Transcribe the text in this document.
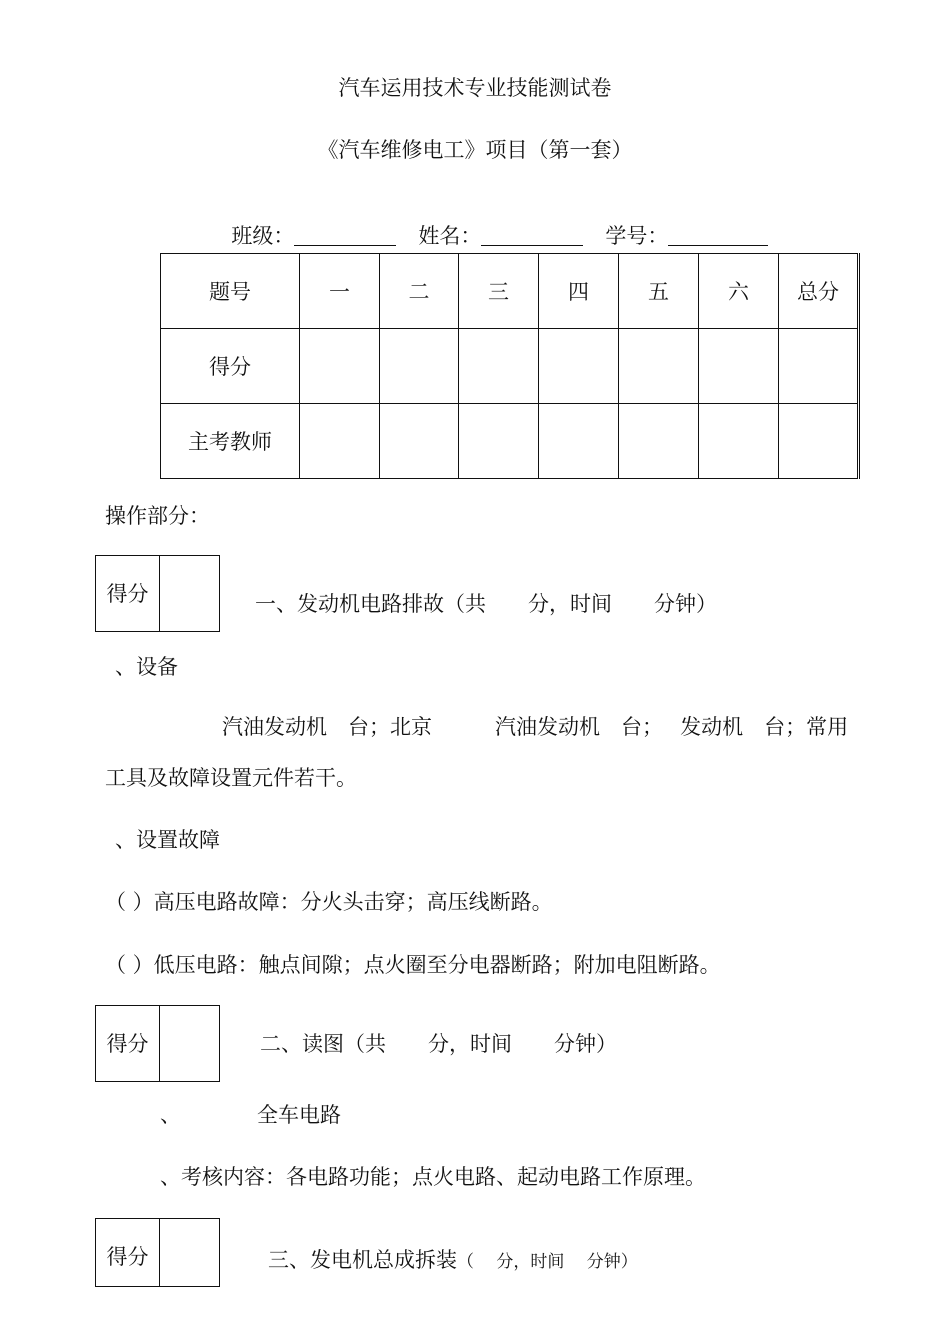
汽车运用技术专业技能测试卷
《汽车维修电工》项目（第一套）

班级：	姓名：	学号：

题号	一	二	三	四	五	六	总分
得分							
主考教师							
操作部分：
得分	一、发动机电路排故（共　　分，时间　　分钟）
、设备
汽油发动机　台；北京　　　汽油发动机　台；　 发动机　台；常用
工具及故障设置元件若干。
、设置故障
（ ）高压电路故障：分火头击穿；高压线断路。
（ ）低压电路：触点间隙；点火圈至分电器断路；附加电阻断路。
得分	二、读图（共　　分，时间　　分钟）
、	全车电路
、考核内容：各电路功能；点火电路、起动电路工作原理。
得分	三、发电机总成拆装（　 分，时间　 分钟）
